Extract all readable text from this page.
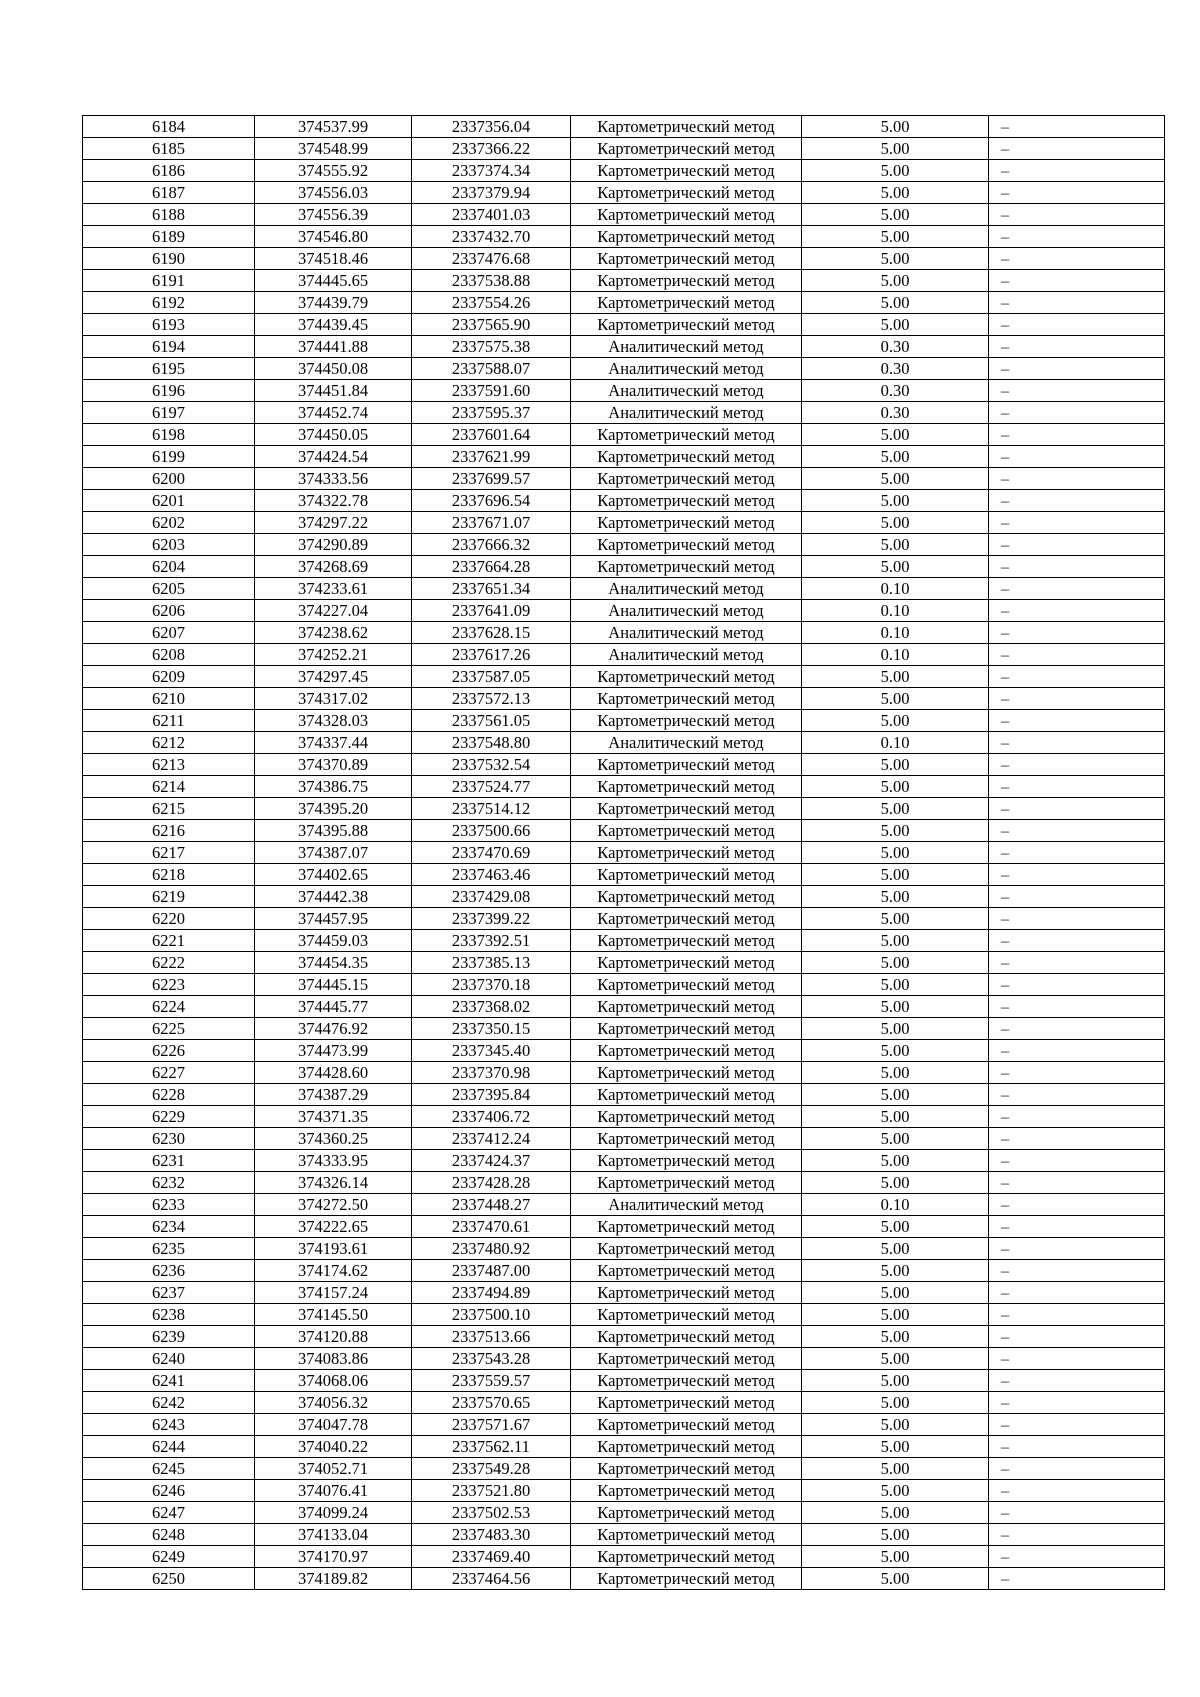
6184	374537.99	2337356.04	Картометрический метод	5.00	–
6185	374548.99	2337366.22	Картометрический метод	5.00	–
6186	374555.92	2337374.34	Картометрический метод	5.00	–
6187	374556.03	2337379.94	Картометрический метод	5.00	–
6188	374556.39	2337401.03	Картометрический метод	5.00	–
6189	374546.80	2337432.70	Картометрический метод	5.00	–
6190	374518.46	2337476.68	Картометрический метод	5.00	–
6191	374445.65	2337538.88	Картометрический метод	5.00	–
6192	374439.79	2337554.26	Картометрический метод	5.00	–
6193	374439.45	2337565.90	Картометрический метод	5.00	–
6194	374441.88	2337575.38	Аналитический метод	0.30	–
6195	374450.08	2337588.07	Аналитический метод	0.30	–
6196	374451.84	2337591.60	Аналитический метод	0.30	–
6197	374452.74	2337595.37	Аналитический метод	0.30	–
6198	374450.05	2337601.64	Картометрический метод	5.00	–
6199	374424.54	2337621.99	Картометрический метод	5.00	–
6200	374333.56	2337699.57	Картометрический метод	5.00	–
6201	374322.78	2337696.54	Картометрический метод	5.00	–
6202	374297.22	2337671.07	Картометрический метод	5.00	–
6203	374290.89	2337666.32	Картометрический метод	5.00	–
6204	374268.69	2337664.28	Картометрический метод	5.00	–
6205	374233.61	2337651.34	Аналитический метод	0.10	–
6206	374227.04	2337641.09	Аналитический метод	0.10	–
6207	374238.62	2337628.15	Аналитический метод	0.10	–
6208	374252.21	2337617.26	Аналитический метод	0.10	–
6209	374297.45	2337587.05	Картометрический метод	5.00	–
6210	374317.02	2337572.13	Картометрический метод	5.00	–
6211	374328.03	2337561.05	Картометрический метод	5.00	–
6212	374337.44	2337548.80	Аналитический метод	0.10	–
6213	374370.89	2337532.54	Картометрический метод	5.00	–
6214	374386.75	2337524.77	Картометрический метод	5.00	–
6215	374395.20	2337514.12	Картометрический метод	5.00	–
6216	374395.88	2337500.66	Картометрический метод	5.00	–
6217	374387.07	2337470.69	Картометрический метод	5.00	–
6218	374402.65	2337463.46	Картометрический метод	5.00	–
6219	374442.38	2337429.08	Картометрический метод	5.00	–
6220	374457.95	2337399.22	Картометрический метод	5.00	–
6221	374459.03	2337392.51	Картометрический метод	5.00	–
6222	374454.35	2337385.13	Картометрический метод	5.00	–
6223	374445.15	2337370.18	Картометрический метод	5.00	–
6224	374445.77	2337368.02	Картометрический метод	5.00	–
6225	374476.92	2337350.15	Картометрический метод	5.00	–
6226	374473.99	2337345.40	Картометрический метод	5.00	–
6227	374428.60	2337370.98	Картометрический метод	5.00	–
6228	374387.29	2337395.84	Картометрический метод	5.00	–
6229	374371.35	2337406.72	Картометрический метод	5.00	–
6230	374360.25	2337412.24	Картометрический метод	5.00	–
6231	374333.95	2337424.37	Картометрический метод	5.00	–
6232	374326.14	2337428.28	Картометрический метод	5.00	–
6233	374272.50	2337448.27	Аналитический метод	0.10	–
6234	374222.65	2337470.61	Картометрический метод	5.00	–
6235	374193.61	2337480.92	Картометрический метод	5.00	–
6236	374174.62	2337487.00	Картометрический метод	5.00	–
6237	374157.24	2337494.89	Картометрический метод	5.00	–
6238	374145.50	2337500.10	Картометрический метод	5.00	–
6239	374120.88	2337513.66	Картометрический метод	5.00	–
6240	374083.86	2337543.28	Картометрический метод	5.00	–
6241	374068.06	2337559.57	Картометрический метод	5.00	–
6242	374056.32	2337570.65	Картометрический метод	5.00	–
6243	374047.78	2337571.67	Картометрический метод	5.00	–
6244	374040.22	2337562.11	Картометрический метод	5.00	–
6245	374052.71	2337549.28	Картометрический метод	5.00	–
6246	374076.41	2337521.80	Картометрический метод	5.00	–
6247	374099.24	2337502.53	Картометрический метод	5.00	–
6248	374133.04	2337483.30	Картометрический метод	5.00	–
6249	374170.97	2337469.40	Картометрический метод	5.00	–
6250	374189.82	2337464.56	Картометрический метод	5.00	–
